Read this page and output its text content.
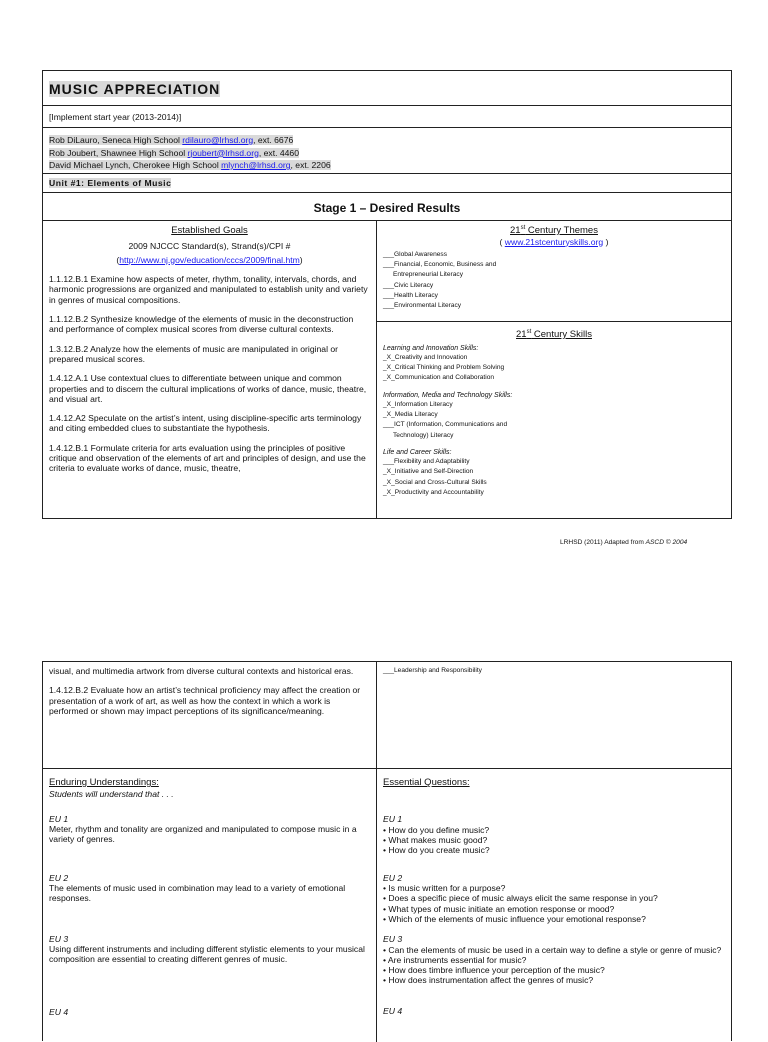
MUSIC APPRECIATION
[Implement start year (2013-2014)]
Rob DiLauro, Seneca High School rdilauro@lrhsd.org, ext. 6676
Rob Joubert, Shawnee High School rjoubert@lrhsd.org, ext. 4460
David Michael Lynch, Cherokee High School mlynch@lrhsd.org, ext. 2206
Unit #1: Elements of Music
Stage 1 – Desired Results
Established Goals
2009 NJCCC Standard(s), Strand(s)/CPI #
(http://www.nj.gov/education/cccs/2009/final.htm)

1.1.12.B.1 Examine how aspects of meter, rhythm, tonality, intervals, chords, and harmonic progressions are organized and manipulated to establish unity and variety in genres of musical compositions.

1.1.12.B.2 Synthesize knowledge of the elements of music in the deconstruction and performance of complex musical scores from diverse cultural contexts.

1.3.12.B.2 Analyze how the elements of music are manipulated in original or prepared musical scores.

1.4.12.A.1 Use contextual clues to differentiate between unique and common properties and to discern the cultural implications of works of dance, music, theatre, and visual art.

1.4.12.A2 Speculate on the artist’s intent, using discipline-specific arts terminology and citing embedded clues to substantiate the hypothesis.

1.4.12.B.1 Formulate criteria for arts evaluation using the principles of positive critique and observation of the elements of art and principles of design, and use the criteria to evaluate works of dance, music, theatre,

21st Century Themes
( www.21stcenturyskills.org )
___Global Awareness
___Financial, Economic, Business and
Entrepreneurial Literacy
___Civic Literacy
___Health Literacy
___Environmental Literacy
21st Century Skills
Learning and Innovation Skills:
_X_Creativity and Innovation
_X_Critical Thinking and Problem Solving
_X_Communication and Collaboration
Information, Media and Technology Skills:
_X_Information Literacy
_X_Media Literacy
___ICT (Information, Communications and
Technology) Literacy
Life and Career Skills:
___Flexibility and Adaptability
_X_Initiative and Self-Direction
_X_Social and Cross-Cultural Skills
_X_Productivity and Accountability
LRHSD (2011) Adapted from ASCD © 2004

visual, and multimedia artwork from diverse cultural contexts and historical eras.

1.4.12.B.2 Evaluate how an artist’s technical proficiency may affect the creation or presentation of a work of art, as well as how the context in which a work is performed or shown may impact perceptions of its significance/meaning.

___Leadership and Responsibility
Enduring Understandings:
Students will understand that . . .
EU 1
Meter, rhythm and tonality are organized and manipulated to compose music in a variety of genres.
EU 2
The elements of music used in combination may lead to a variety of emotional responses.
EU 3
Using different instruments and including different stylistic elements to your musical composition are essential to creating different genres of music.
EU 4
Essential Questions:
EU 1
• How do you define music?
• What makes music good?
• How do you create music?
EU 2
• Is music written for a purpose?
• Does a specific piece of music always elicit the same response in you?
• What types of music initiate an emotion response or mood?
• Which of the elements of music influence your emotional response?
EU 3
• Can the elements of music be used in a certain way to define a style or genre of music?
• Are instruments essential for music?
• How does timbre influence your perception of the music?
• How does instrumentation affect the genres of music?
EU 4
